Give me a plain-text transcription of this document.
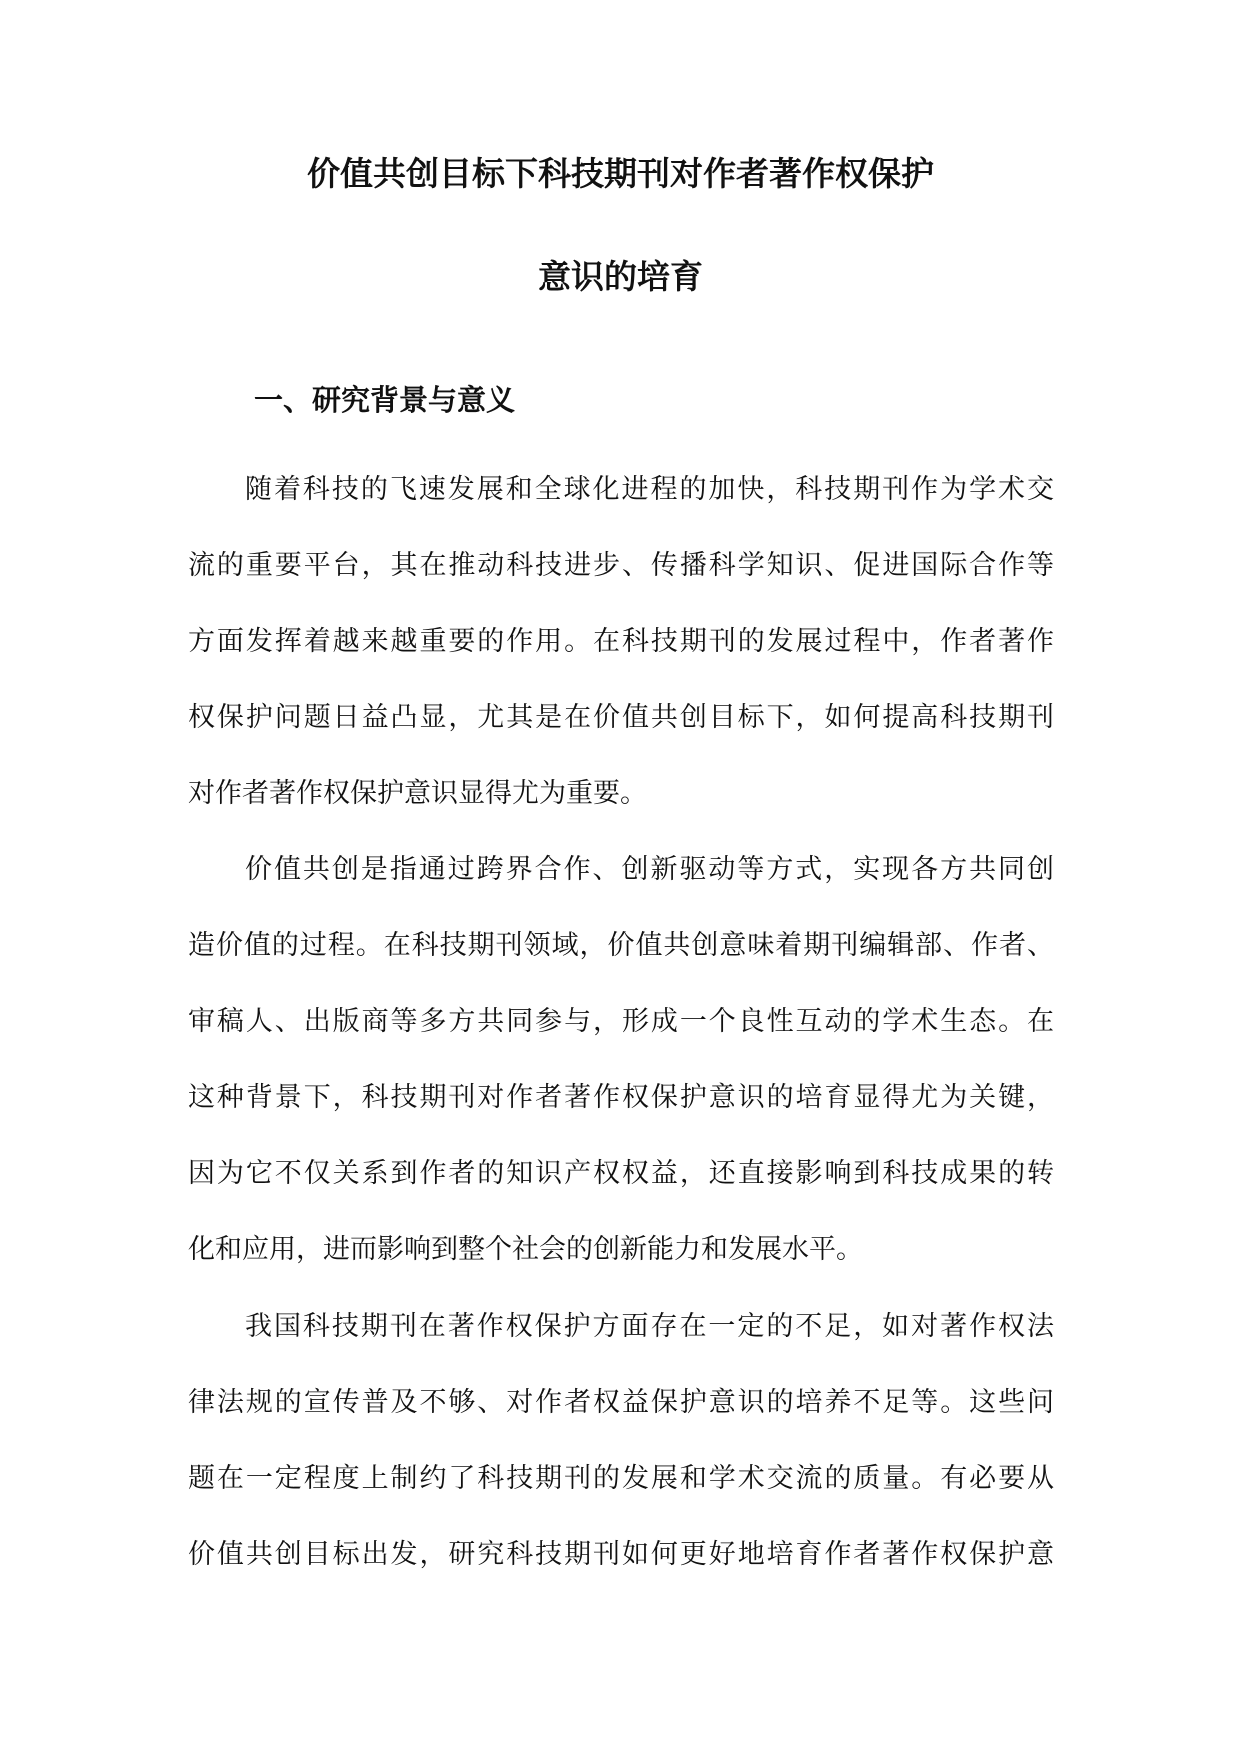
价值共创目标下科技期刊对作者著作权保护
意识的培育
一、研究背景与意义

随着科技的飞速发展和全球化进程的加快，科技期刊作为学术交

流的重要平台，其在推动科技进步、传播科学知识、促进国际合作等

方面发挥着越来越重要的作用。在科技期刊的发展过程中，作者著作

权保护问题日益凸显，尤其是在价值共创目标下，如何提高科技期刊

对作者著作权保护意识显得尤为重要。

价值共创是指通过跨界合作、创新驱动等方式，实现各方共同创

造价值的过程。在科技期刊领域，价值共创意味着期刊编辑部、作者、

审稿人、出版商等多方共同参与，形成一个良性互动的学术生态。在

这种背景下，科技期刊对作者著作权保护意识的培育显得尤为关键，

因为它不仅关系到作者的知识产权权益，还直接影响到科技成果的转

化和应用，进而影响到整个社会的创新能力和发展水平。

我国科技期刊在著作权保护方面存在一定的不足，如对著作权法

律法规的宣传普及不够、对作者权益保护意识的培养不足等。这些问

题在一定程度上制约了科技期刊的发展和学术交流的质量。有必要从

价值共创目标出发，研究科技期刊如何更好地培育作者著作权保护意
